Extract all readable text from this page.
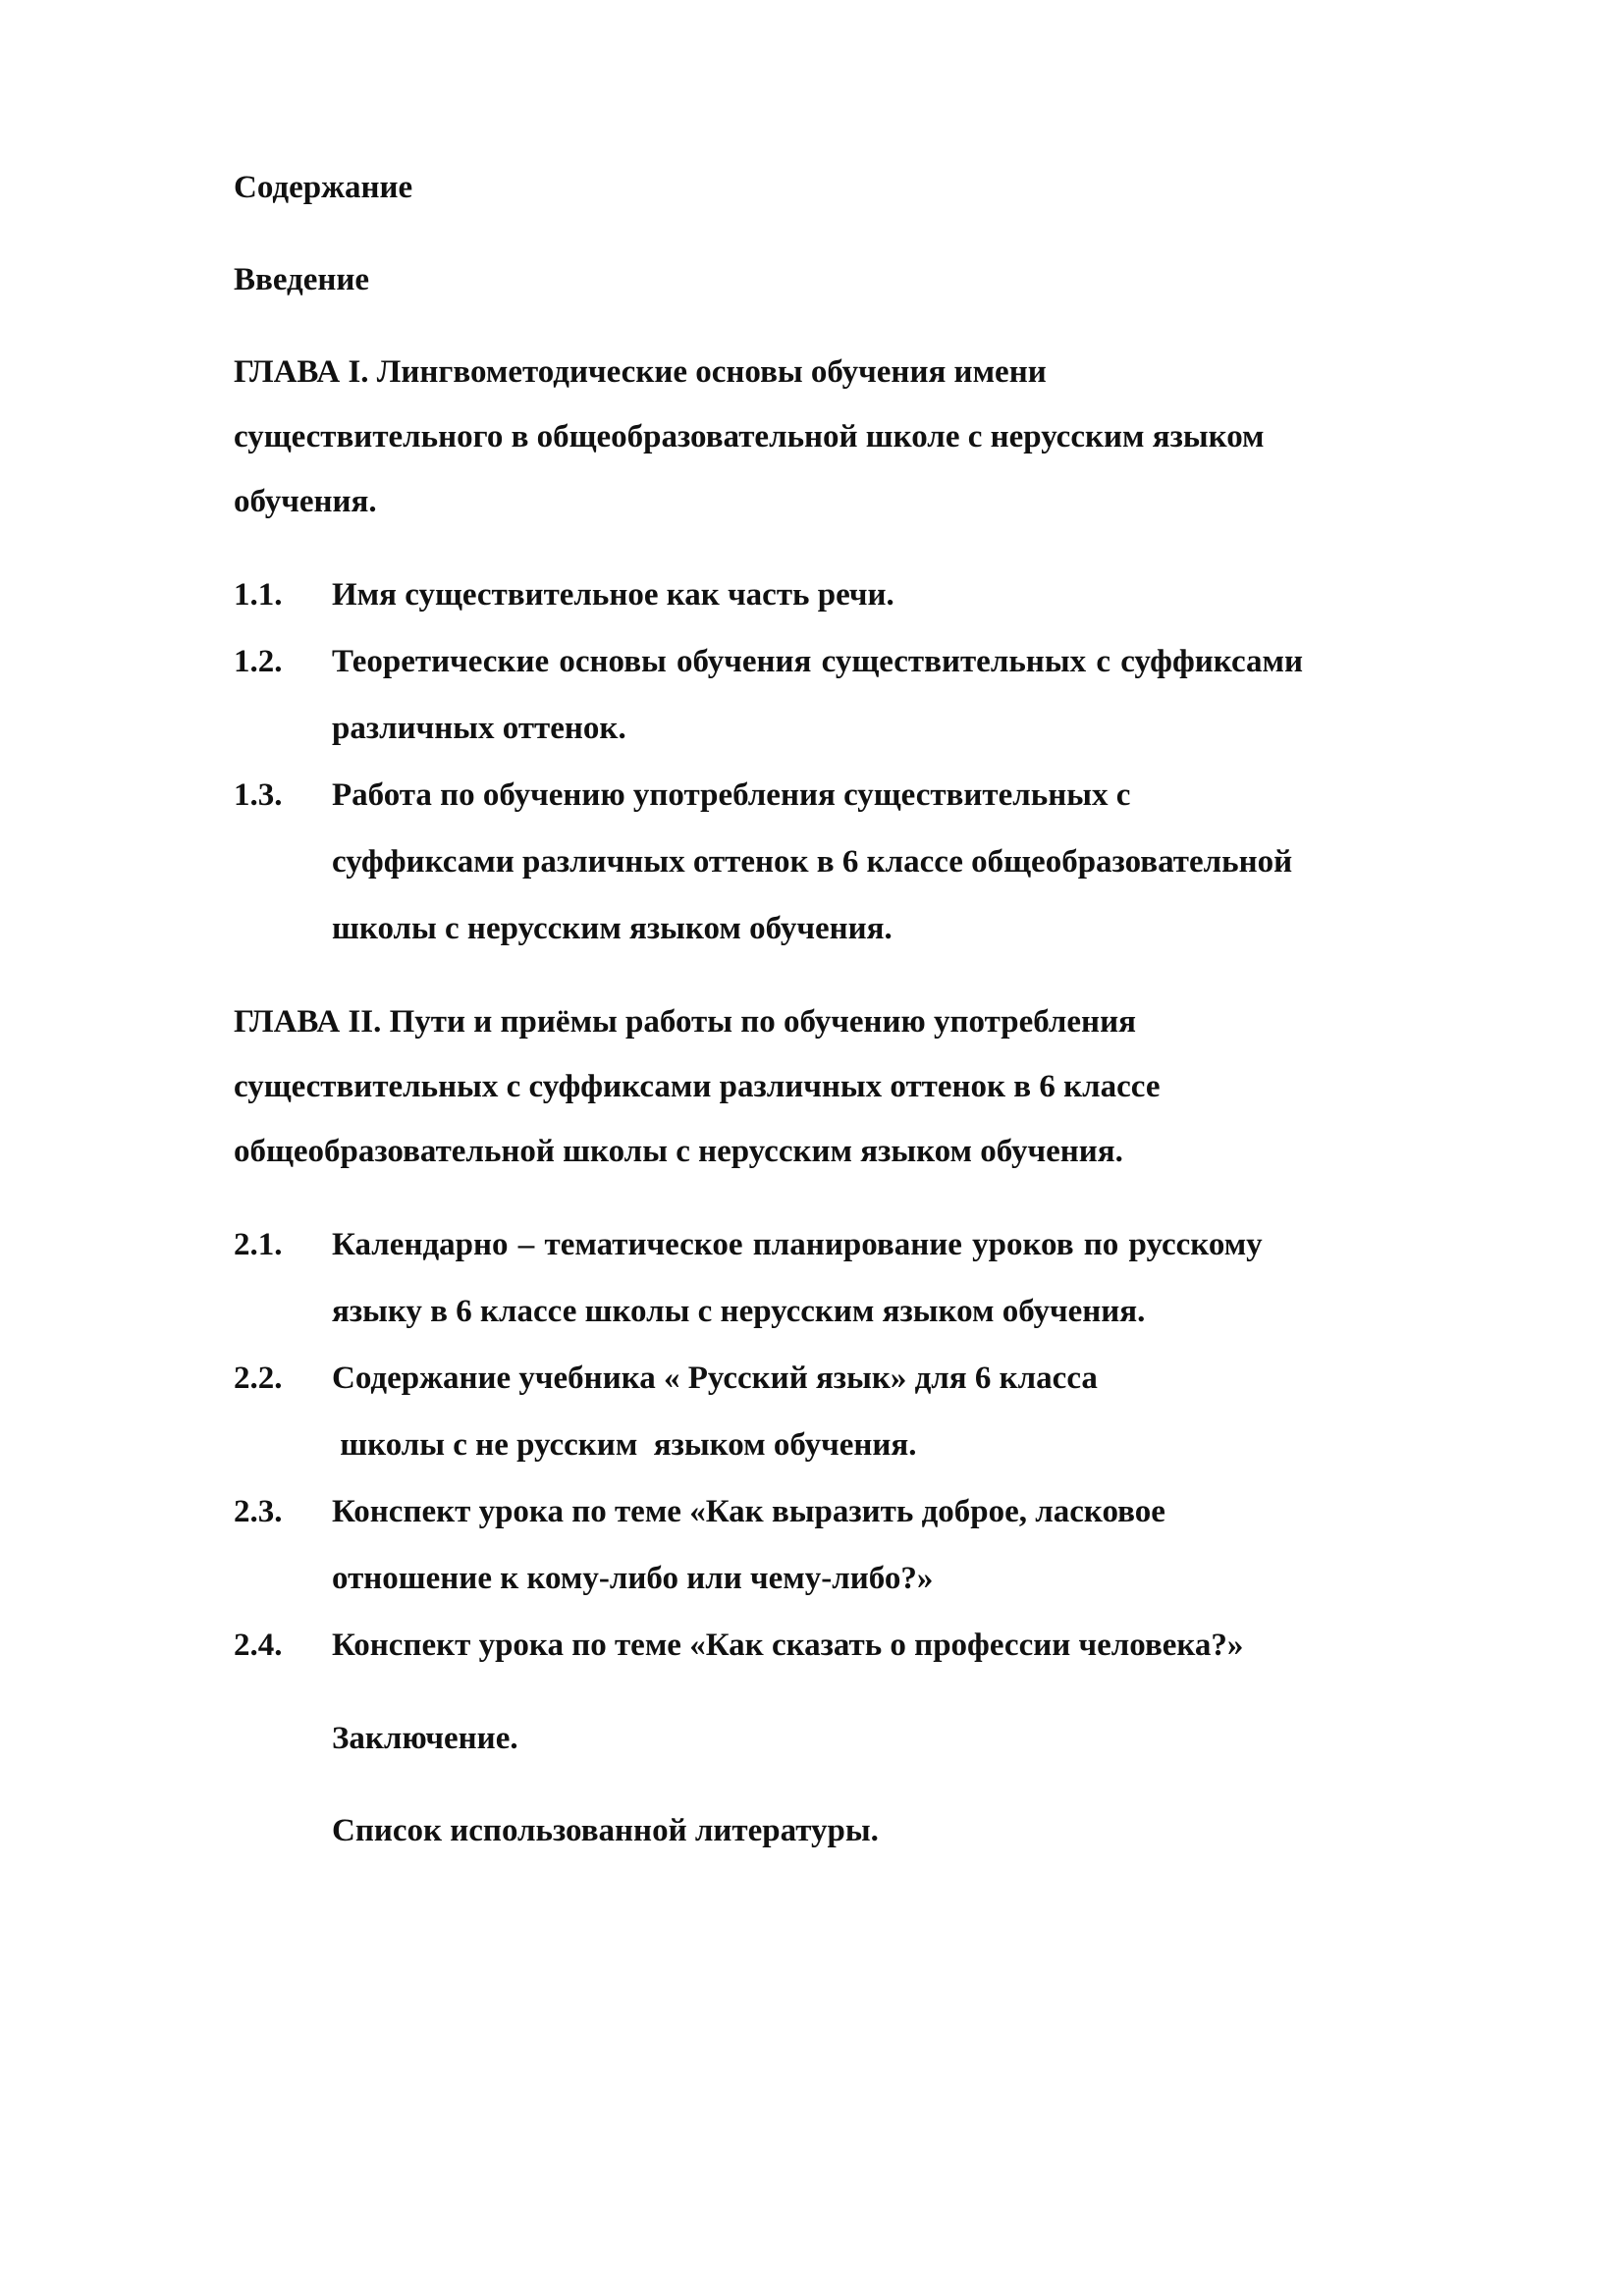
Содержание
Введение
ГЛАВА I. Лингвометодические основы обучения имени
существительного в общеобразовательной школе с нерусским языком
обучения.
1.1.	Имя существительное как часть речи.
1.2.	Теоретические основы обучения существительных с суффиксами
различных оттенок.
1.3.	Работа по обучению употребления существительных с
суффиксами различных оттенок в 6 классе общеобразовательной
школы с нерусским языком обучения.
ГЛАВА II. Пути и приёмы работы по обучению употребления
существительных с суффиксами различных оттенок в 6 классе
общеобразовательной школы с нерусским языком обучения.
2.1.	Календарно – тематическое планирование уроков по русскому
языку в 6 классе школы с нерусским языком обучения.
2.2.	Содержание учебника « Русский язык» для 6 класса
школы с не русским  языком обучения.
2.3.	Конспект урока по теме «Как выразить доброе, ласковое
отношение к кому-либо или чему-либо?»
2.4.	Конспект урока по теме «Как сказать о профессии человека?»
Заключение.
Список использованной литературы.
